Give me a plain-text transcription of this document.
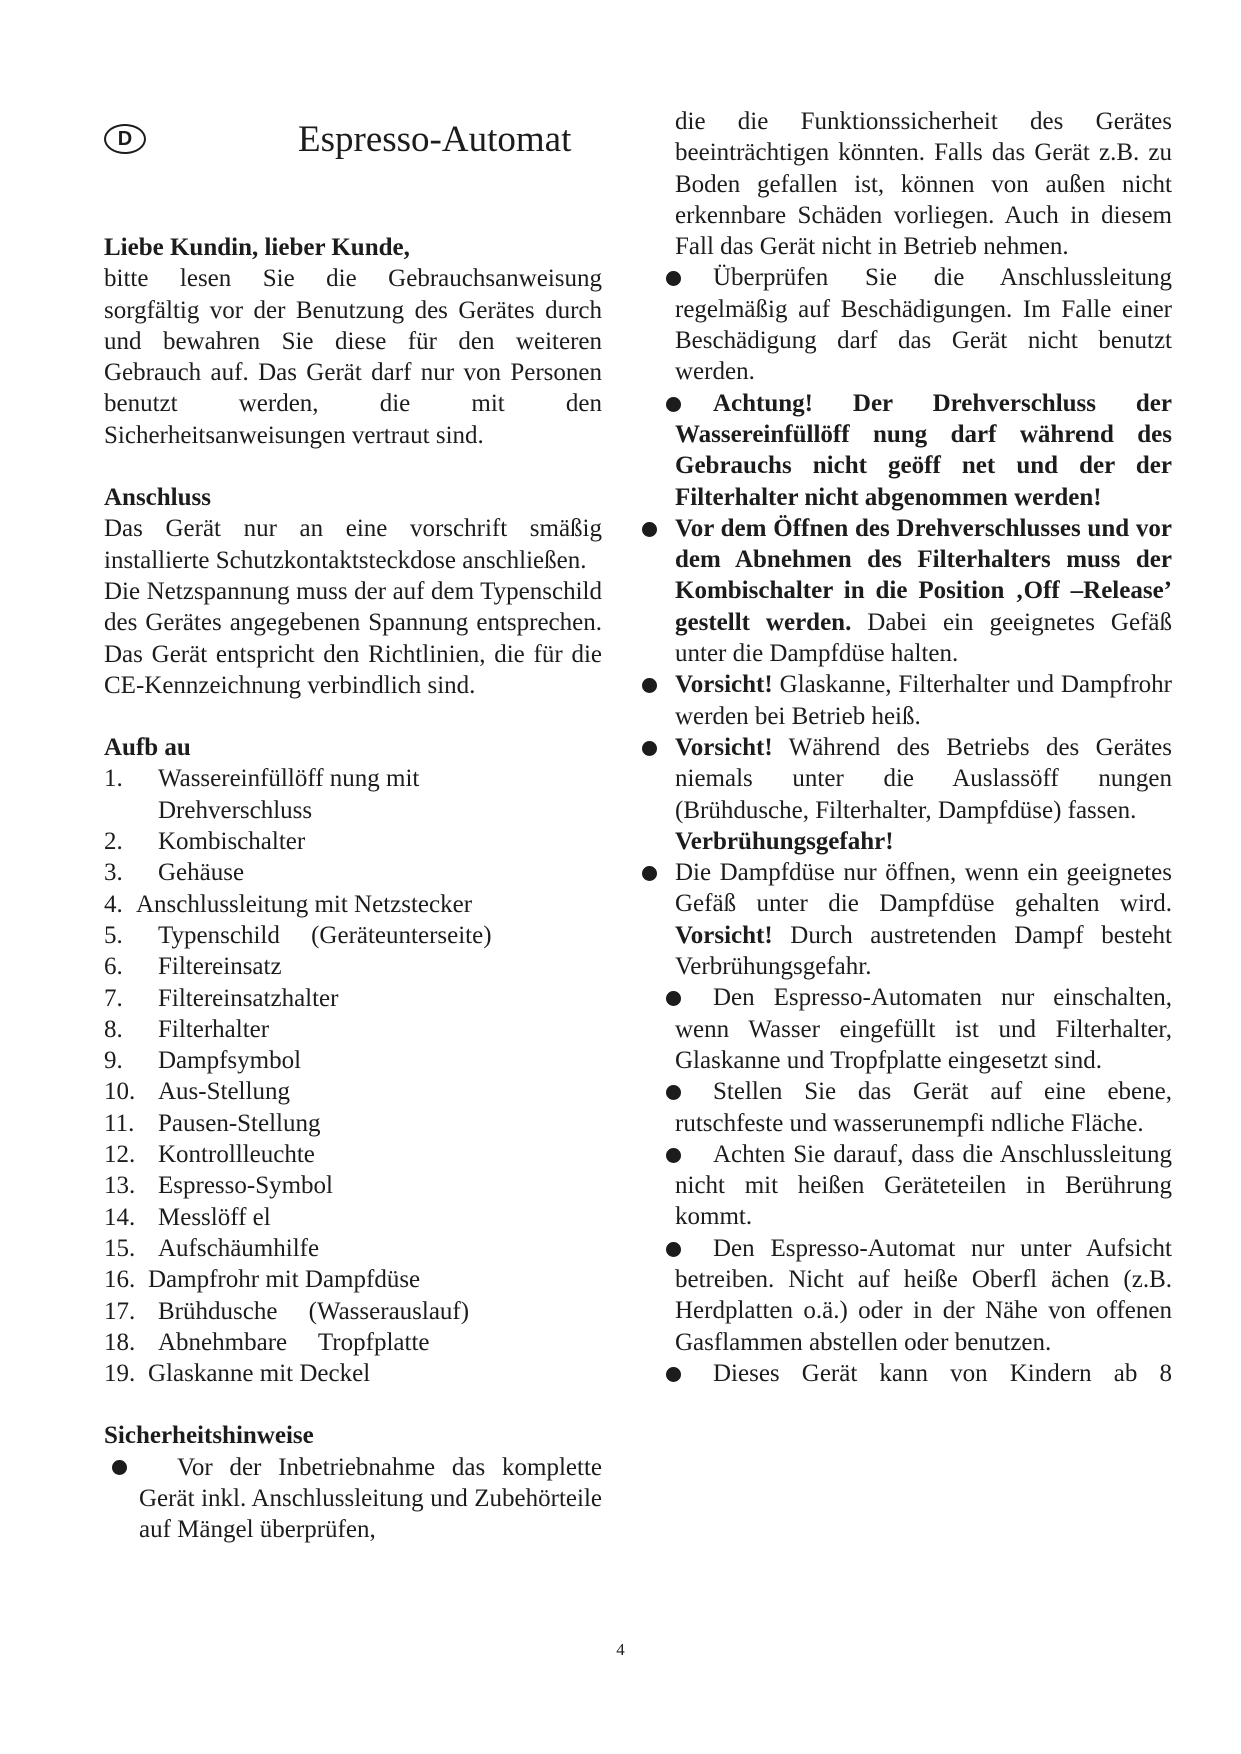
D	Espresso-Automat

Liebe Kundin, lieber Kunde,

bitte lesen Sie die Gebrauchsanweisung sorgfältig vor der Benutzung des Gerätes durch und bewahren Sie diese für den weiteren Gebrauch auf. Das Gerät darf nur von Personen benutzt werden, die mit den Sicherheitsanweisungen vertraut sind.

Anschluss

Das Gerät nur an eine vorschrift smäßig installierte Schutzkontaktsteckdose anschließen.

Die Netzspannung muss der auf dem Typenschild des Gerätes angegebenen Spannung entsprechen. Das Gerät entspricht den Richtlinien, die für die CE-Kennzeichnung verbindlich sind.

Aufb au

1.	Wassereinfüllöff nung mit
Drehverschluss
2.	Kombischalter
3.	Gehäuse
4. Anschlussleitung mit Netzstecker
5.	Typenschild     (Geräteunterseite)
6.	Filtereinsatz
7.	Filtereinsatzhalter
8.	Filterhalter
9.	Dampfsymbol
10. Aus-Stellung
11. Pausen-Stellung
12. Kontrollleuchte
13. Espresso-Symbol
14. Messlöff el
15. Aufschäumhilfe
16. Dampfrohr mit Dampfdüse
17. Brühdusche     (Wasserauslauf)
18. Abnehmbare     Tropfplatte
19. Glaskanne mit Deckel

Sicherheitshinweise

Vor der Inbetriebnahme das komplette Gerät inkl. Anschlussleitung und Zubehörteile auf Mängel überprüfen,

die die Funktionssicherheit des Gerätes beeinträchtigen könnten. Falls das Gerät z.B. zu Boden gefallen ist, können von außen nicht erkennbare Schäden vorliegen. Auch in diesem Fall das Gerät nicht in Betrieb nehmen.

Überprüfen Sie die Anschlussleitung regelmäßig auf Beschädigungen. Im Falle einer Beschädigung darf das Gerät nicht benutzt werden.

Achtung! Der Drehverschluss der Wassereinfüllöff nung darf während des Gebrauchs nicht geöff net und der der Filterhalter nicht abgenommen werden!

Vor dem Öffnen des Drehverschlusses und vor dem Abnehmen des Filterhalters muss der Kombischalter in die Position ‚Off –Release’ gestellt werden. Dabei ein geeignetes Gefäß unter die Dampfdüse halten.

Vorsicht! Glaskanne, Filterhalter und Dampfrohr werden bei Betrieb heiß.

Vorsicht! Während des Betriebs des Gerätes niemals unter die Auslassöff nungen (Brühdusche, Filterhalter, Dampfdüse) fassen.

Verbrühungsgefahr!

Die Dampfdüse nur öffnen, wenn ein geeignetes Gefäß unter die Dampfdüse gehalten wird. Vorsicht! Durch austretenden Dampf besteht Verbrühungsgefahr.

Den Espresso-Automaten nur einschalten, wenn Wasser eingefüllt ist und Filterhalter, Glaskanne und Tropfplatte eingesetzt sind.

Stellen Sie das Gerät auf eine ebene, rutschfeste und wasserunempfi ndliche Fläche.

Achten Sie darauf, dass die Anschlussleitung nicht mit heißen Geräteteilen in Berührung kommt.

Den Espresso-Automat nur unter Aufsicht betreiben. Nicht auf heiße Oberfl ächen (z.B. Herdplatten o.ä.) oder in der Nähe von offenen Gasflammen abstellen oder benutzen.

Dieses Gerät kann von Kindern ab 8

4
